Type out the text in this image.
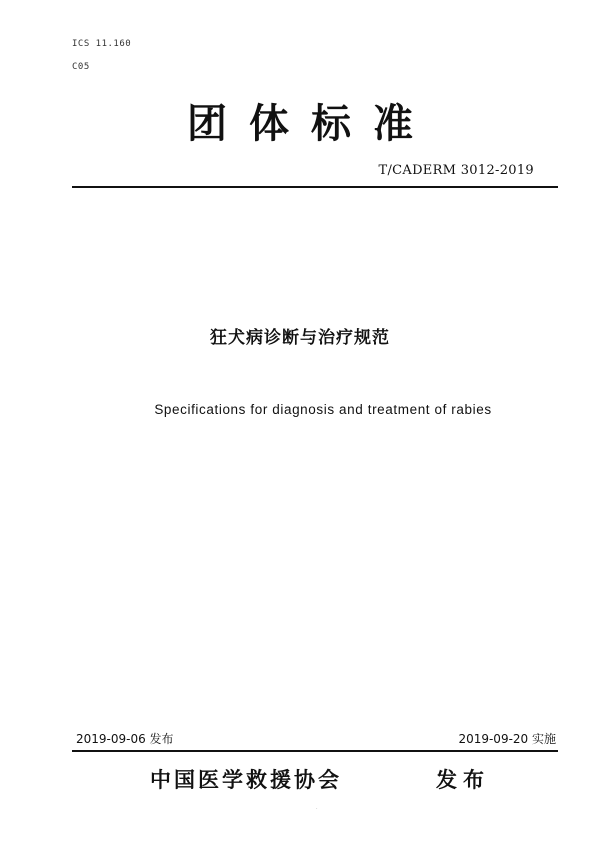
ICS 11.160
C05
团体标准
T/CADERM 3012-2019
狂犬病诊断与治疗规范
Specifications for diagnosis and treatment of rabies
2019-09-06 发布	2019-09-20 实施
中国医学救援协会	发布
·
